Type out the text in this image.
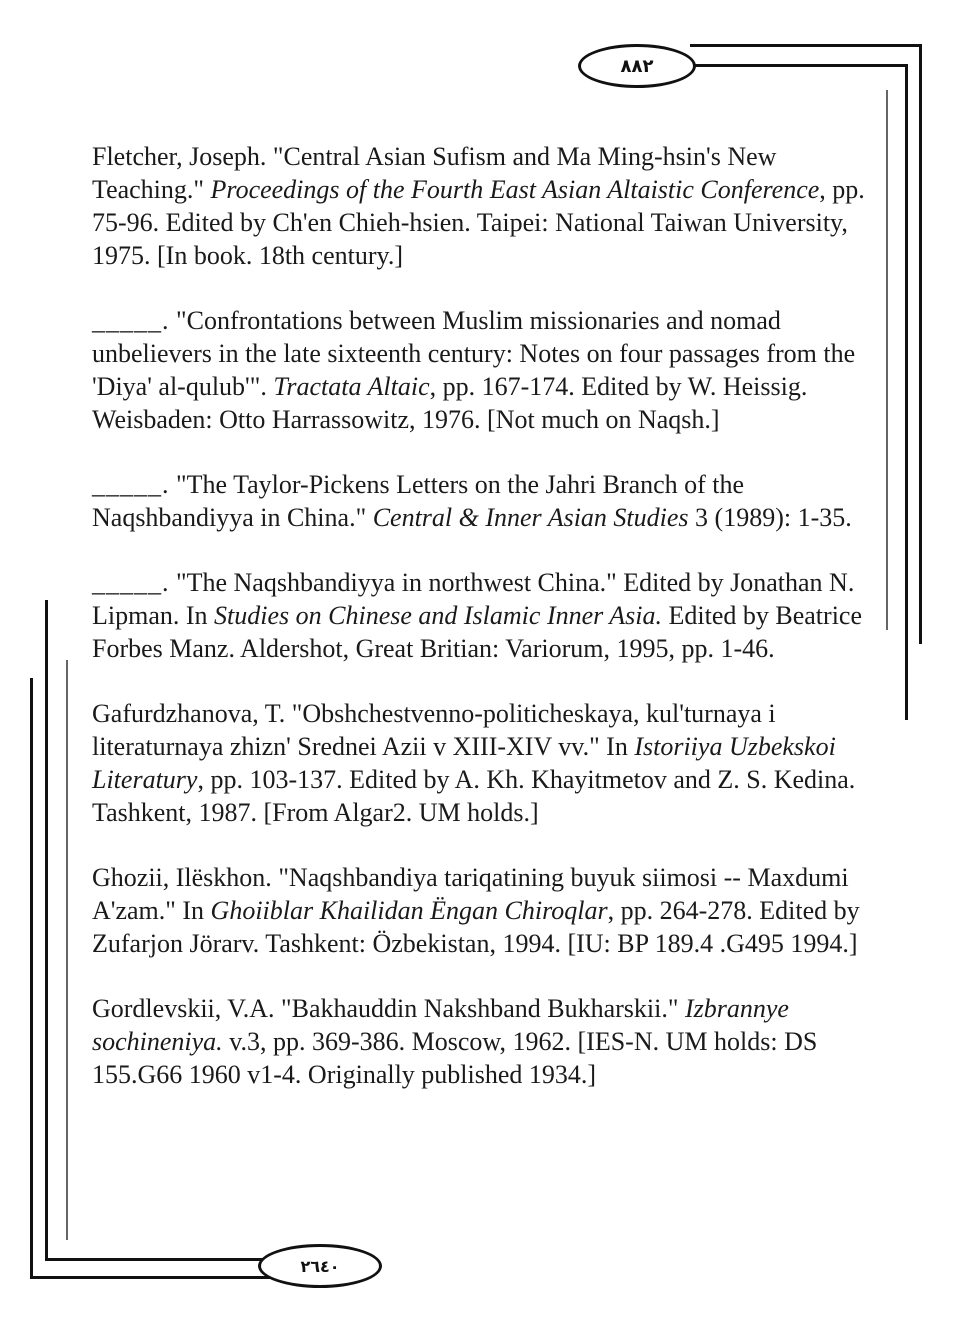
٨٨٢
٢٦٤٠

Fletcher, Joseph. "Central Asian Sufism and Ma Ming-hsin's New Teaching." Proceedings of the Fourth East Asian Altaistic Conference, pp. 75-96. Edited by Ch'en Chieh-hsien. Taipei: National Taiwan University, 1975. [In book. 18th century.]

_____. "Confrontations between Muslim missionaries and nomad unbelievers in the late sixteenth century: Notes on four passages from the 'Diya' al-qulub'". Tractata Altaic, pp. 167-174. Edited by W. Heissig. Weisbaden: Otto Harrassowitz, 1976. [Not much on Naqsh.]

_____. "The Taylor-Pickens Letters on the Jahri Branch of the Naqshbandiyya in China." Central & Inner Asian Studies 3 (1989): 1-35.

_____. "The Naqshbandiyya in northwest China." Edited by Jonathan N. Lipman. In Studies on Chinese and Islamic Inner Asia. Edited by Beatrice Forbes Manz. Aldershot, Great Britian: Variorum, 1995, pp. 1-46.

Gafurdzhanova, T. "Obshchestvenno-politicheskaya, kul'turnaya i literaturnaya zhizn' Srednei Azii v XIII-XIV vv." In Istoriiya Uzbekskoi Literatury, pp. 103-137. Edited by A. Kh. Khayitmetov and Z. S. Kedina. Tashkent, 1987. [From Algar2. UM holds.]

Ghozii, Ilëskhon. "Naqshbandiya tariqatining buyuk siimosi -- Maxdumi A'zam." In Ghoiiblar Khailidan Ëngan Chiroqlar, pp. 264-278. Edited by Zufarjon Jörarv. Tashkent: Özbekistan, 1994. [IU: BP 189.4 .G495 1994.]

Gordlevskii, V.A. "Bakhauddin Nakshband Bukharskii." Izbrannye sochineniya. v.3, pp. 369-386. Moscow, 1962. [IES-N. UM holds: DS 155.G66 1960 v1-4. Originally published 1934.]
